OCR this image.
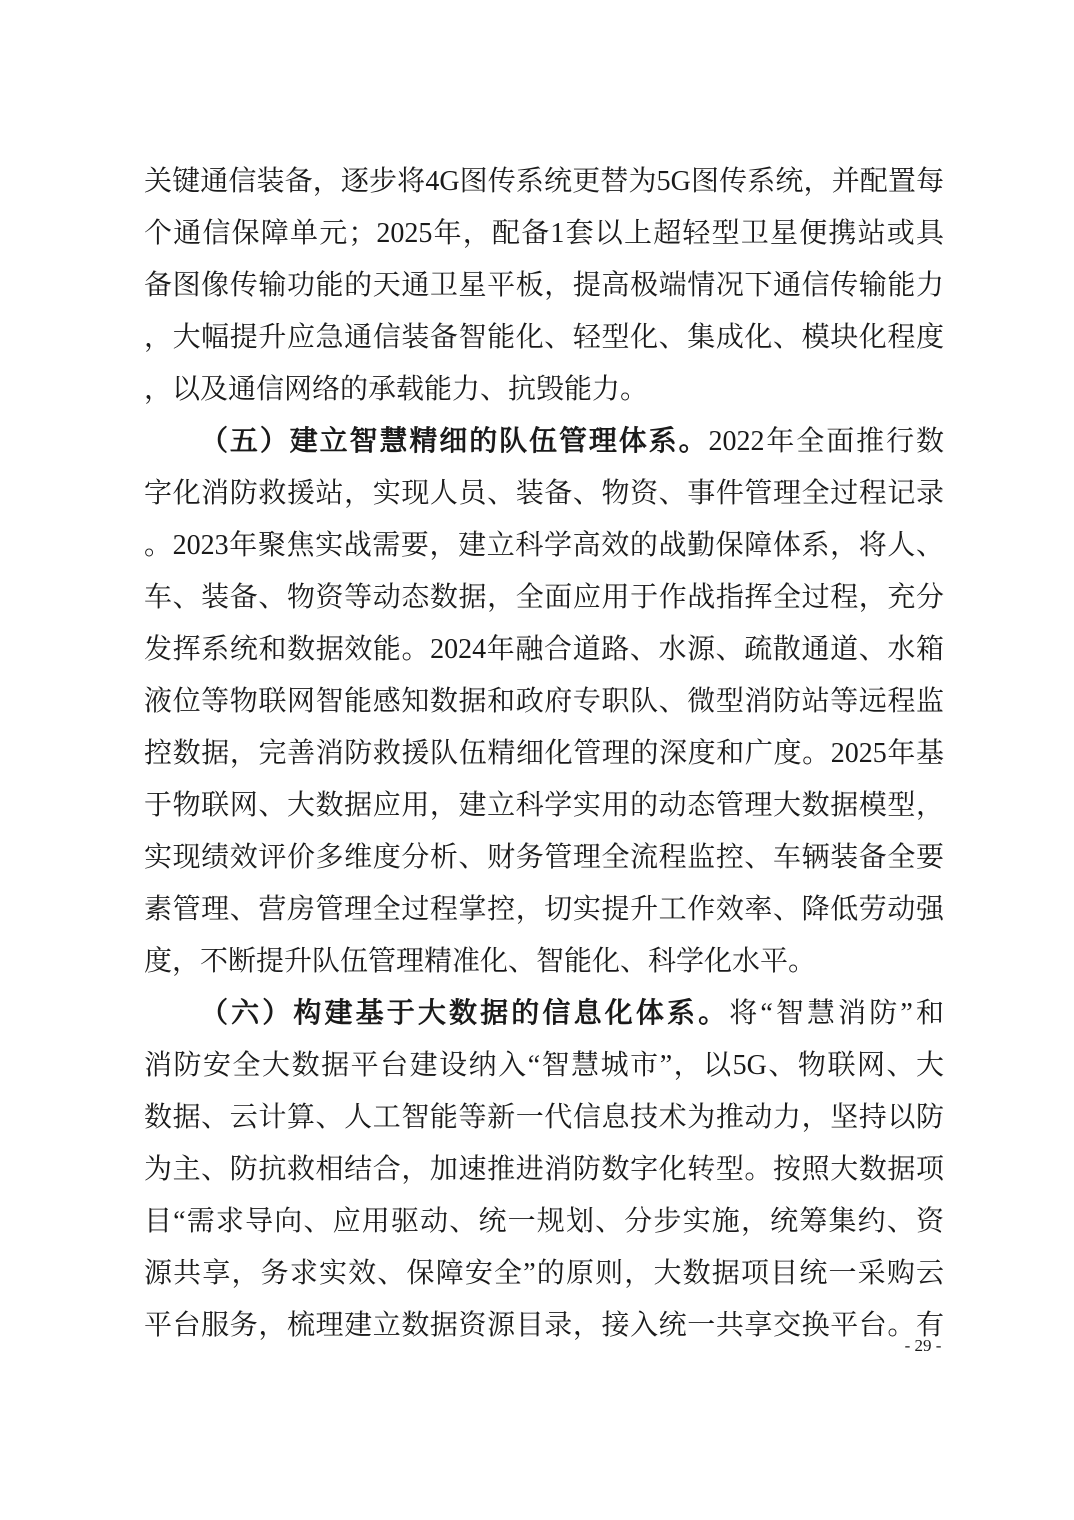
关键通信装备，逐步将4G图传系统更替为5G图传系统，并配置每
个通信保障单元；2025年，配备1套以上超轻型卫星便携站或具
备图像传输功能的天通卫星平板，提高极端情况下通信传输能力
，大幅提升应急通信装备智能化、轻型化、集成化、模块化程度
，以及通信网络的承载能力、抗毁能力。
（五）建立智慧精细的队伍管理体系。2022年全面推行数
字化消防救援站，实现人员、装备、物资、事件管理全过程记录
。2023年聚焦实战需要，建立科学高效的战勤保障体系，将人、
车、装备、物资等动态数据，全面应用于作战指挥全过程，充分
发挥系统和数据效能。2024年融合道路、水源、疏散通道、水箱
液位等物联网智能感知数据和政府专职队、微型消防站等远程监
控数据，完善消防救援队伍精细化管理的深度和广度。2025年基
于物联网、大数据应用，建立科学实用的动态管理大数据模型，
实现绩效评价多维度分析、财务管理全流程监控、车辆装备全要
素管理、营房管理全过程掌控，切实提升工作效率、降低劳动强
度，不断提升队伍管理精准化、智能化、科学化水平。
（六）构建基于大数据的信息化体系。将“智慧消防”和
消防安全大数据平台建设纳入“智慧城市”，以5G、物联网、大
数据、云计算、人工智能等新一代信息技术为推动力，坚持以防
为主、防抗救相结合，加速推进消防数字化转型。按照大数据项
目“需求导向、应用驱动、统一规划、分步实施，统筹集约、资
源共享，务求实效、保障安全”的原则，大数据项目统一采购云
平台服务，梳理建立数据资源目录，接入统一共享交换平台。有
- 29 -
